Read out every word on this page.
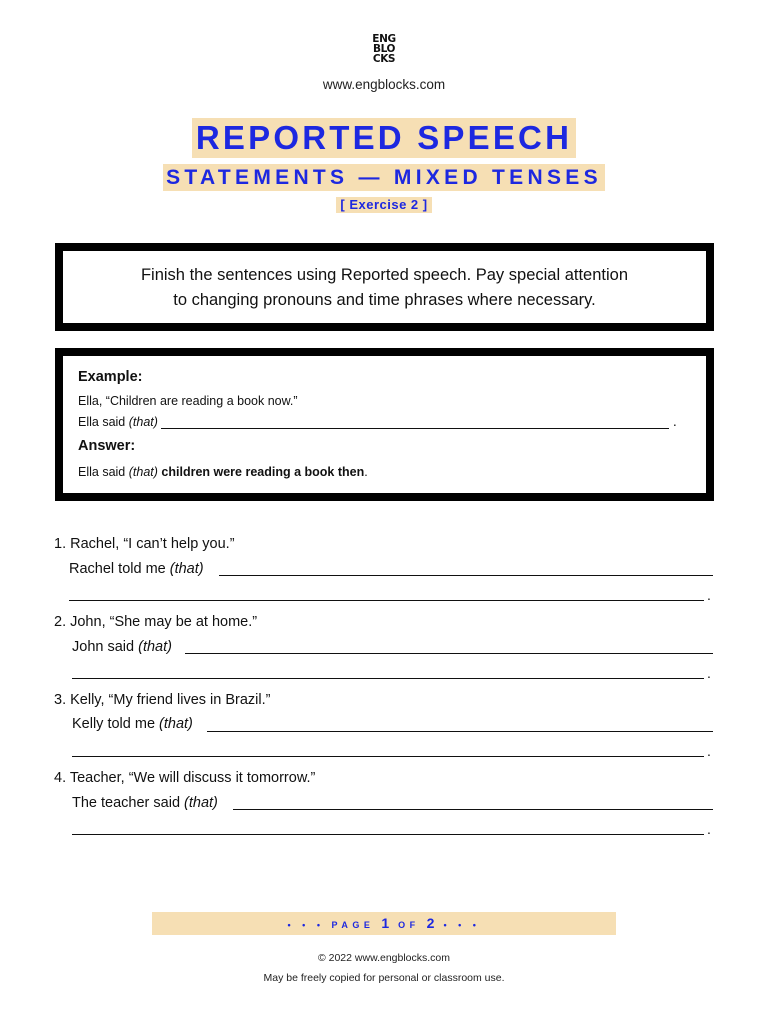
ENG
BLO
CKS
www.engblocks.com
REPORTED SPEECH
STATEMENTS — MIXED TENSES
[ Exercise 2 ]
Finish the sentences using Reported speech. Pay special attention
to changing pronouns and time phrases where necessary.
Example:
Ella, “Children are reading a book now.”
Ella said (that)	.
Answer:
Ella said (that) children were reading a book then.
1. Rachel, “I can’t help you.”
Rachel told me (that)
.
2. John, “She may be at home.”
John said (that)
.
3. Kelly, “My friend lives in Brazil.”
Kelly told me (that)
.
4. Teacher, “We will discuss it tomorrow.”
The teacher said (that)
.
• • • PAGE 1 OF 2 • • •
© 2022 www.engblocks.com
May be freely copied for personal or classroom use.
